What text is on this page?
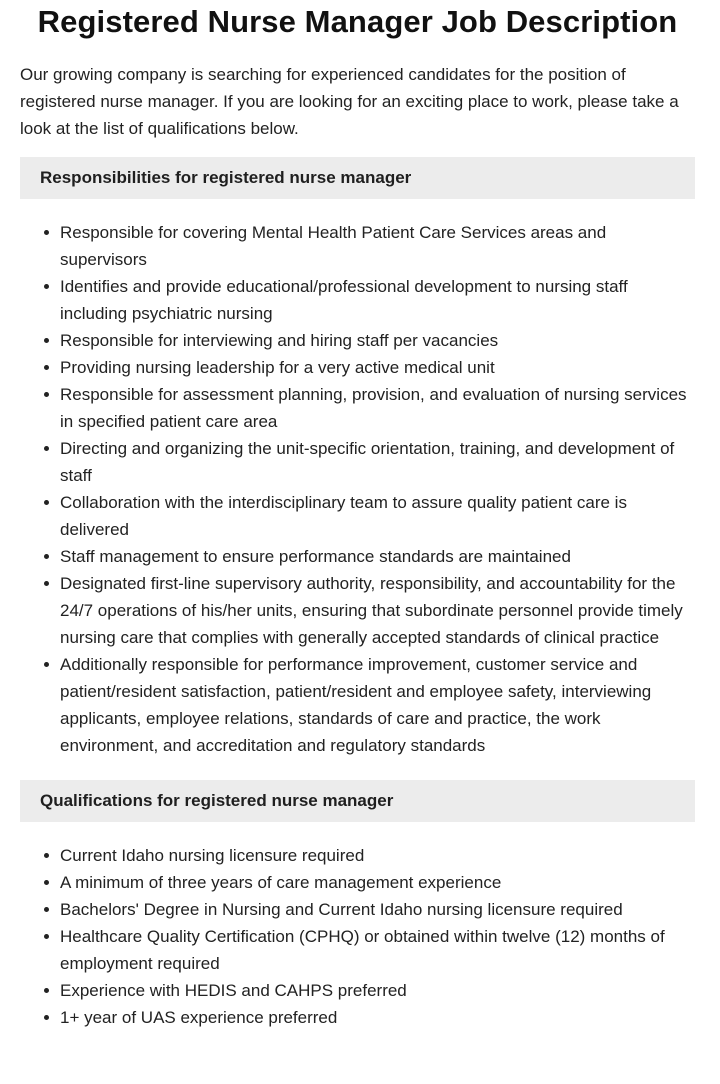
Registered Nurse Manager Job Description

Our growing company is searching for experienced candidates for the position of registered nurse manager. If you are looking for an exciting place to work, please take a look at the list of qualifications below.

Responsibilities for registered nurse manager
Responsible for covering Mental Health Patient Care Services areas and supervisors
Identifies and provide educational/professional development to nursing staff including psychiatric nursing
Responsible for interviewing and hiring staff per vacancies
Providing nursing leadership for a very active medical unit
Responsible for assessment planning, provision, and evaluation of nursing services in specified patient care area
Directing and organizing the unit-specific orientation, training, and development of staff
Collaboration with the interdisciplinary team to assure quality patient care is delivered
Staff management to ensure performance standards are maintained
Designated first-line supervisory authority, responsibility, and accountability for the 24/7 operations of his/her units, ensuring that subordinate personnel provide timely nursing care that complies with generally accepted standards of clinical practice
Additionally responsible for performance improvement, customer service and patient/resident satisfaction, patient/resident and employee safety, interviewing applicants, employee relations, standards of care and practice, the work environment, and accreditation and regulatory standards
Qualifications for registered nurse manager
Current Idaho nursing licensure required
A minimum of three years of care management experience
Bachelors' Degree in Nursing and Current Idaho nursing licensure required
Healthcare Quality Certification (CPHQ) or obtained within twelve (12) months of employment required
Experience with HEDIS and CAHPS preferred
1+ year of UAS experience preferred
